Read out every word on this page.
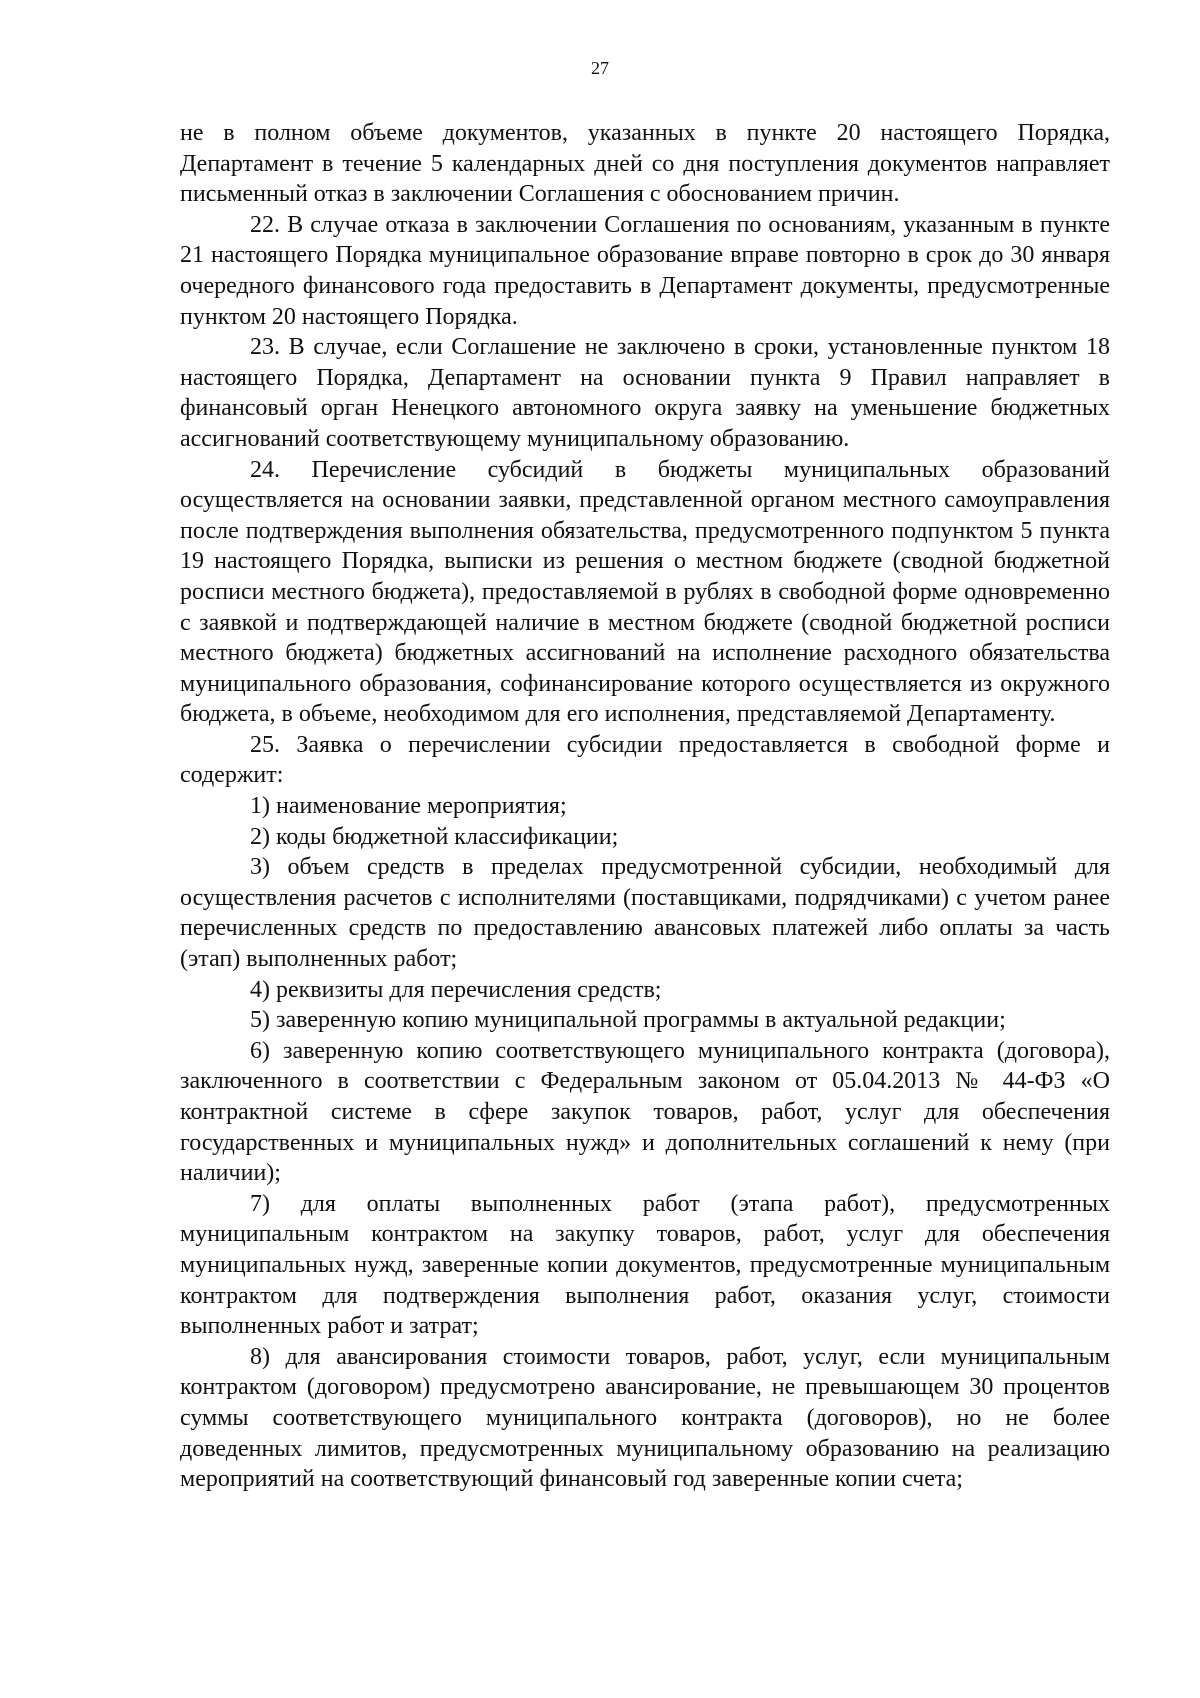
27

не в полном объеме документов, указанных в пункте 20 настоящего Порядка, Департамент в течение 5 календарных дней со дня поступления документов направляет письменный отказ в заключении Соглашения с обоснованием причин.

22. В случае отказа в заключении Соглашения по основаниям, указанным в пункте 21 настоящего Порядка муниципальное образование вправе повторно в срок до 30 января очередного финансового года предоставить в Департамент документы, предусмотренные пунктом 20 настоящего Порядка.

23. В случае, если Соглашение не заключено в сроки, установленные пунктом 18 настоящего Порядка, Департамент на основании пункта 9 Правил направляет в финансовый орган Ненецкого автономного округа заявку на уменьшение бюджетных ассигнований соответствующему муниципальному образованию.

24. Перечисление субсидий в бюджеты муниципальных образований осуществляется на основании заявки, представленной органом местного самоуправления после подтверждения выполнения обязательства, предусмотренного подпунктом 5 пункта 19 настоящего Порядка, выписки из решения о местном бюджете (сводной бюджетной росписи местного бюджета), предоставляемой в рублях в свободной форме одновременно с заявкой и подтверждающей наличие в местном бюджете (сводной бюджетной росписи местного бюджета) бюджетных ассигнований на исполнение расходного обязательства муниципального образования, софинансирование которого осуществляется из окружного бюджета, в объеме, необходимом для его исполнения, представляемой Департаменту.

25. Заявка о перечислении субсидии предоставляется в свободной форме и содержит:

1) наименование мероприятия;

2) коды бюджетной классификации;

3) объем средств в пределах предусмотренной субсидии, необходимый для осуществления расчетов с исполнителями (поставщиками, подрядчиками) с учетом ранее перечисленных средств по предоставлению авансовых платежей либо оплаты за часть (этап) выполненных работ;

4) реквизиты для перечисления средств;

5) заверенную копию муниципальной программы в актуальной редакции;

6) заверенную копию соответствующего муниципального контракта (договора), заключенного в соответствии с Федеральным законом от 05.04.2013 № 44-ФЗ «О контрактной системе в сфере закупок товаров, работ, услуг для обеспечения государственных и муниципальных нужд» и дополнительных соглашений к нему (при наличии);

7) для оплаты выполненных работ (этапа работ), предусмотренных муниципальным контрактом на закупку товаров, работ, услуг для обеспечения муниципальных нужд, заверенные копии документов, предусмотренные муниципальным контрактом для подтверждения выполнения работ, оказания услуг, стоимости выполненных работ и затрат;

8) для авансирования стоимости товаров, работ, услуг, если муниципальным контрактом (договором) предусмотрено авансирование, не превышающем 30 процентов суммы соответствующего муниципального контракта (договоров), но не более доведенных лимитов, предусмотренных муниципальному образованию на реализацию мероприятий на соответствующий финансовый год заверенные копии счета;
